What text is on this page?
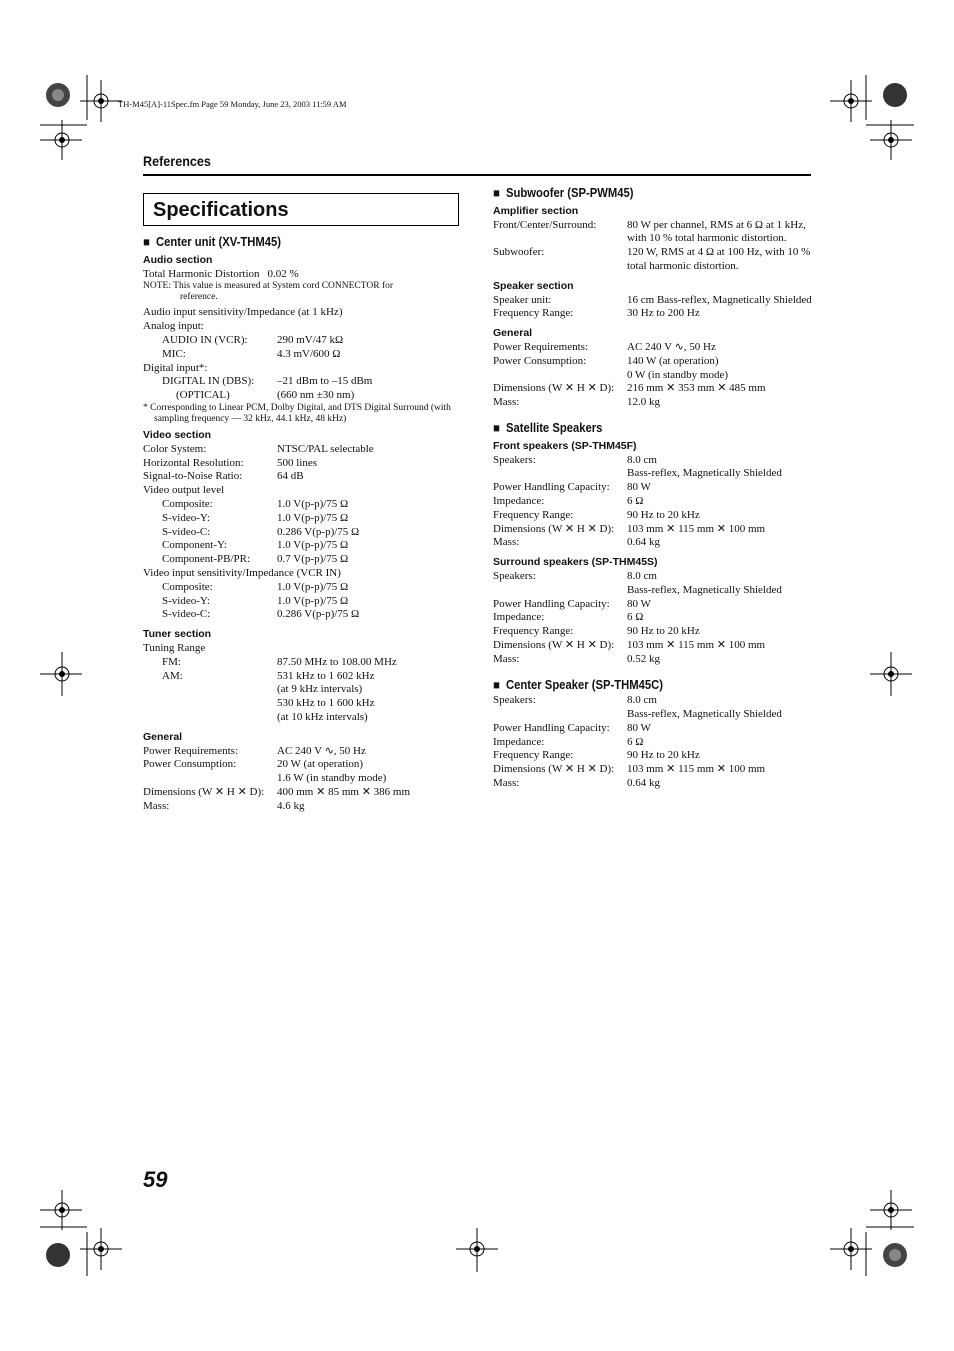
TH-M45[A]-11Spec.fm Page 59 Monday, June 23, 2003 11:59 AM
References
Specifications
■  Center unit (XV-THM45)
Audio section
Total Harmonic Distortion 0.02 %
NOTE: This value is measured at System cord CONNECTOR for
reference.
Audio input sensitivity/Impedance (at 1 kHz)
Analog input:
AUDIO IN (VCR):	290 mV/47 kΩ
MIC:	4.3 mV/600 Ω
Digital input*:
DIGITAL IN (DBS):	–21 dBm to –15 dBm
(OPTICAL)	(660 nm ±30 nm)
* Corresponding to Linear PCM, Dolby Digital, and DTS Digital Surround (with sampling frequency — 32 kHz, 44.1 kHz, 48 kHz)
Video section
Color System:	NTSC/PAL selectable
Horizontal Resolution:	500 lines
Signal-to-Noise Ratio:	64 dB
Video output level
Composite:	1.0 V(p-p)/75 Ω
S-video-Y:	1.0 V(p-p)/75 Ω
S-video-C:	0.286 V(p-p)/75 Ω
Component-Y:	1.0 V(p-p)/75 Ω
Component-PB/PR:	0.7 V(p-p)/75 Ω
Video input sensitivity/Impedance (VCR IN)
Composite:	1.0 V(p-p)/75 Ω
S-video-Y:	1.0 V(p-p)/75 Ω
S-video-C:	0.286 V(p-p)/75 Ω
Tuner section
Tuning Range
FM:	87.50 MHz to 108.00 MHz
AM:	531 kHz to 1 602 kHz
(at 9 kHz intervals)
530 kHz to 1 600 kHz
(at 10 kHz intervals)
General
Power Requirements:	AC 240 V ∿, 50 Hz
Power Consumption:	20 W (at operation)
1.6 W (in standby mode)
Dimensions (W ✕ H ✕ D):	400 mm ✕ 85 mm ✕ 386 mm
Mass:	4.6 kg
■  Subwoofer (SP-PWM45)
Amplifier section
Front/Center/Surround:	80 W per channel, RMS at 6 Ω at 1 kHz, with 10 % total harmonic distortion.
Subwoofer:	120 W, RMS at 4 Ω at 100 Hz, with 10 % total harmonic distortion.
Speaker section
Speaker unit:	16 cm Bass-reflex, Magnetically Shielded
Frequency Range:	30 Hz to 200 Hz
General
Power Requirements:	AC 240 V ∿, 50 Hz
Power Consumption:	140 W (at operation)
0 W (in standby mode)
Dimensions (W ✕ H ✕ D):	216 mm ✕ 353 mm ✕ 485 mm
Mass:	12.0 kg
■  Satellite Speakers
Front speakers (SP-THM45F)
Speakers:	8.0 cm
Bass-reflex, Magnetically Shielded
Power Handling Capacity:	80 W
Impedance:	6 Ω
Frequency Range:	90 Hz to 20 kHz
Dimensions (W ✕ H ✕ D):	103 mm ✕ 115 mm ✕ 100 mm
Mass:	0.64 kg
Surround speakers (SP-THM45S)
Speakers:	8.0 cm
Bass-reflex, Magnetically Shielded
Power Handling Capacity:	80 W
Impedance:	6 Ω
Frequency Range:	90 Hz to 20 kHz
Dimensions (W ✕ H ✕ D):	103 mm ✕ 115 mm ✕ 100 mm
Mass:	0.52 kg
■  Center Speaker (SP-THM45C)
Speakers:	8.0 cm
Bass-reflex, Magnetically Shielded
Power Handling Capacity:	80 W
Impedance:	6 Ω
Frequency Range:	90 Hz to 20 kHz
Dimensions (W ✕ H ✕ D):	103 mm ✕ 115 mm ✕ 100 mm
Mass:	0.64 kg
59
